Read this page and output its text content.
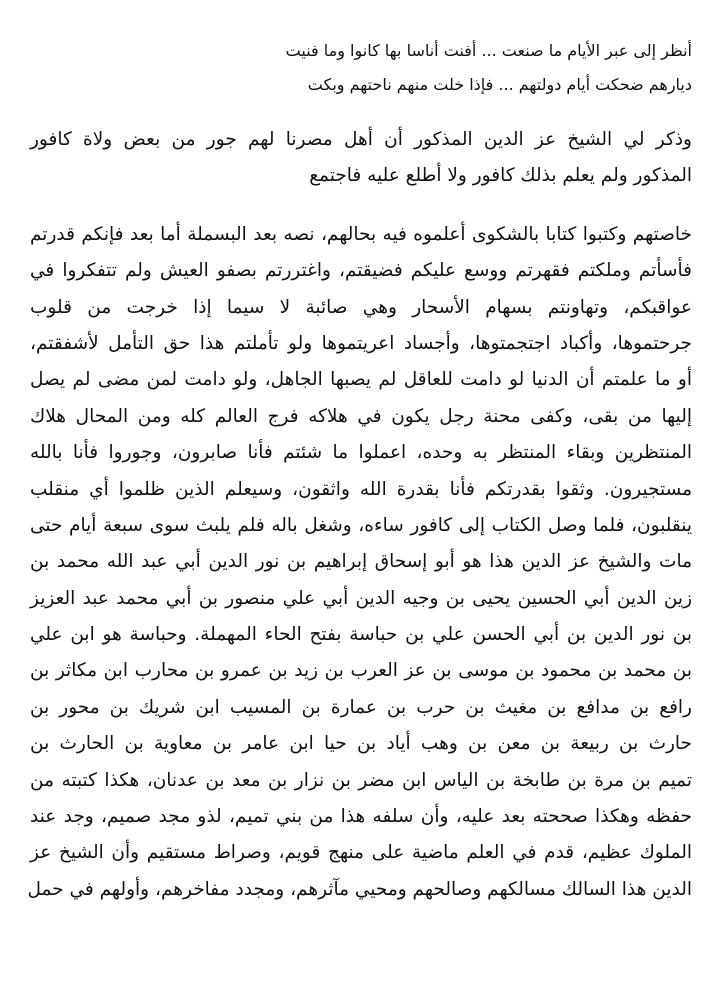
أنظر إلى عبر الأيام ما صنعت ... أفنت أناسا بها كانوا وما فنيت
ديارهم ضحكت أيام دولتهم ... فإذا خلت منهم ناحتهم وبكت
وذكر لي الشيخ عز الدين المذكور أن أهل مصرنا لهم جور من بعض ولاة كافور
المذكور ولم يعلم بذلك كافور ولا أطلع عليه فاجتمع
خاصتهم وكتبوا كتابا بالشكوى أعلموه فيه بحالهم، نصه بعد البسملة أما بعد فإنكم قدرتم
فأسأتم وملكتم فقهرتم ووسع عليكم فضيقتم، واغتررتم بصفو العيش ولم تتفكروا في
عواقبكم، وتهاونتم بسهام الأسحار وهي صائبة لا سيما إذا خرجت من قلوب
جرحتموها، وأكباد اجتجمتوها، وأجساد اعريتموها ولو تأملتم هذا حق التأمل لأشفقتم،
أو ما علمتم أن الدنيا لو دامت للعاقل لم يصبها الجاهل، ولو دامت لمن مضى لم يصل
إليها من بقى، وكفى محنة رجل يكون في هلاكه فرج العالم كله ومن المحال هلاك
المنتظرين وبقاء المنتظر به وحده، اعملوا ما شئتم فأنا صابرون، وجوروا فأنا بالله
مستجيرون. وثقوا بقدرتكم فأنا بقدرة الله واثقون، وسيعلم الذين ظلموا أي منقلب
ينقلبون، فلما وصل الكتاب إلى كافور ساءه، وشغل باله فلم يلبث سوى سبعة أيام حتى
مات والشيخ عز الدين هذا هو أبو إسحاق إبراهيم بن نور الدين أبي عبد الله محمد بن
زين الدين أبي الحسين يحيى بن وجيه الدين أبي علي منصور بن أبي محمد عبد العزيز
بن نور الدين بن أبي الحسن علي بن حباسة بفتح الحاء المهملة. وحباسة هو ابن علي
بن محمد بن محمود بن موسى بن عز العرب بن زيد بن عمرو بن محارب ابن مكاثر بن
رافع بن مدافع بن مغيث بن حرب بن عمارة بن المسيب ابن شريك بن محور بن
حارث بن ربيعة بن معن بن وهب أياد بن حيا ابن عامر بن معاوية بن الحارث بن
تميم بن مرة بن طابخة بن الياس ابن مضر بن نزار بن معد بن عدنان، هكذا كتبته من
حفظه وهكذا صححته بعد عليه، وأن سلفه هذا من بني تميم، لذو مجد صميم، وجد عند
الملوك عظيم، قدم في العلم ماضية على منهج قويم، وصراط مستقيم وأن الشيخ عز
الدين هذا السالك مسالكهم وصالحهم ومحيي مآثرهم، ومجدد مفاخرهم، وأولهم في حمل
